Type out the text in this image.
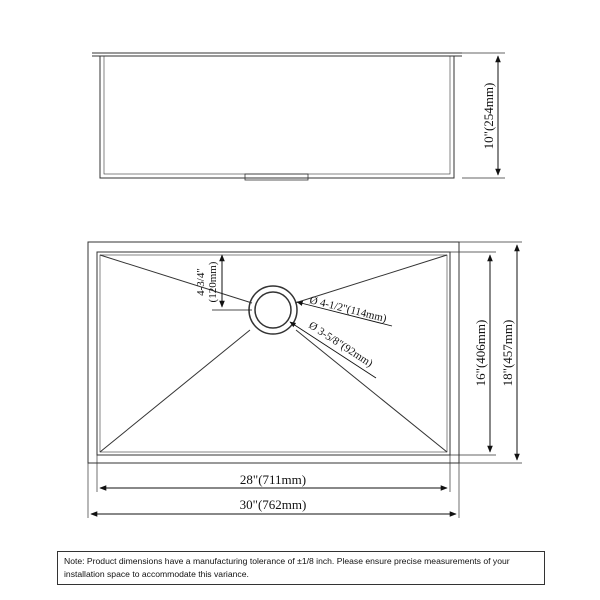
10"(254mm)
4-3/4" (120mm)
Ø 4-1/2"(114mm)
Ø 3-5/8"(92mm)	16"(406mm) 18"(457mm)
28"(711mm)
30"(762mm)
Note: Product dimensions have a manufacturing tolerance of ±1/8 inch. Please ensure precise measurements of your installation space to accommodate this variance.
